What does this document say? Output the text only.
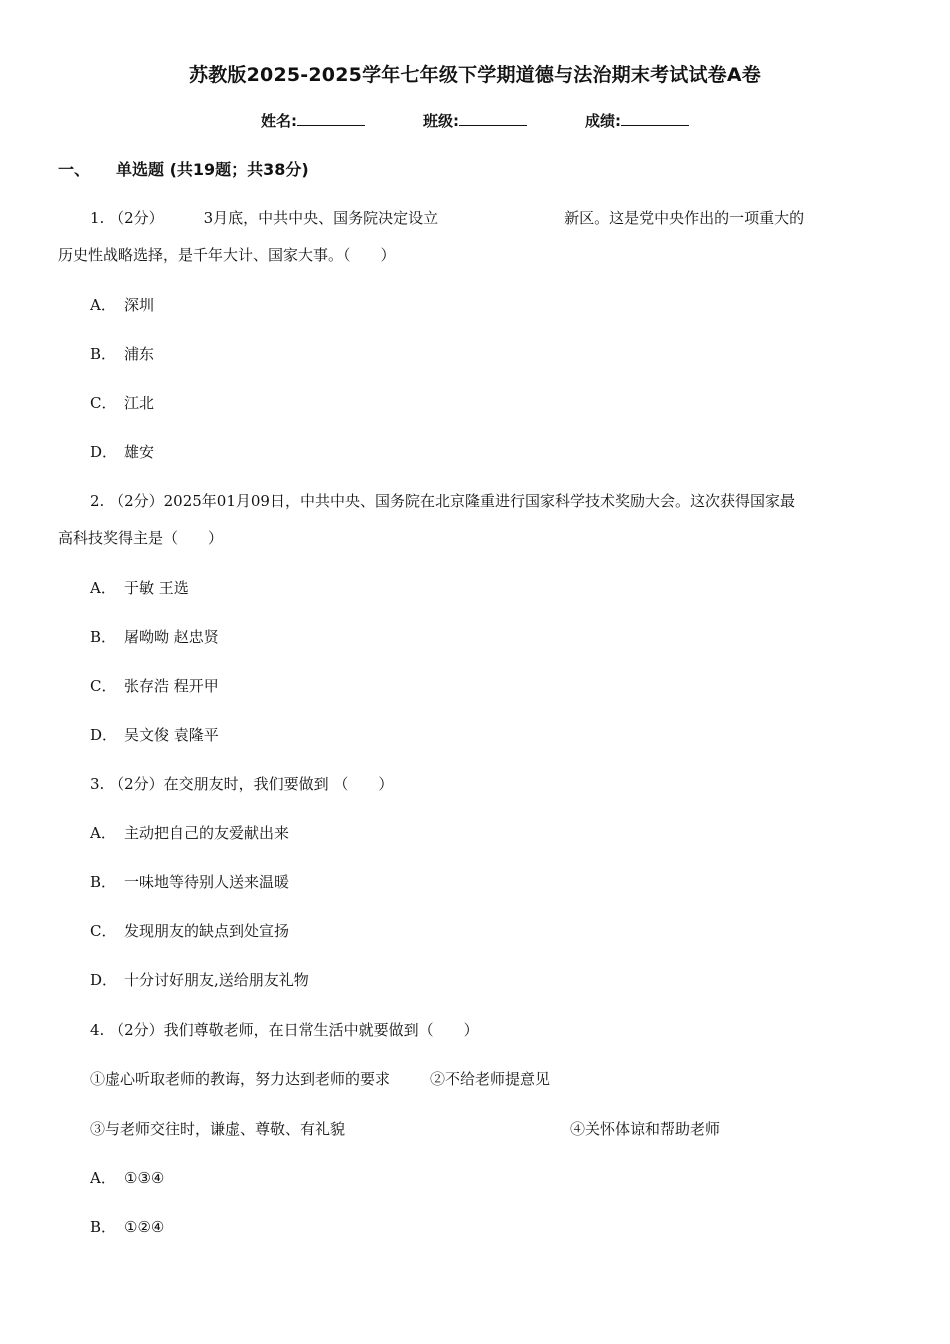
苏教版2025-2025学年七年级下学期道德与法治期末考试试卷A卷
姓名:	班级:	成绩:
一、 单选题 (共19题；共38分)
1. （2分）	3月底，中共中央、国务院决定设立	新区。这是党中央作出的一项重大的
历史性战略选择，是千年大计、国家大事。（　　）
A． 深圳
B． 浦东
C． 江北
D． 雄安
2. （2分）2025年01月09日，中共中央、国务院在北京隆重进行国家科学技术奖励大会。这次获得国家最
高科技奖得主是（　　）
A． 于敏 王选
B． 屠呦呦 赵忠贤
C． 张存浩 程开甲
D． 吴文俊 袁隆平
3. （2分）在交朋友时，我们要做到 （　　）
A． 主动把自己的友爱献出来
B． 一味地等待别人送来温暖
C． 发现朋友的缺点到处宣扬
D． 十分讨好朋友,送给朋友礼物
4. （2分）我们尊敬老师，在日常生活中就要做到（　　）
①虚心听取老师的教诲，努力达到老师的要求	②不给老师提意见
③与老师交往时，谦虚、尊敬、有礼貌	④关怀体谅和帮助老师
A． ①③④
B． ①②④
